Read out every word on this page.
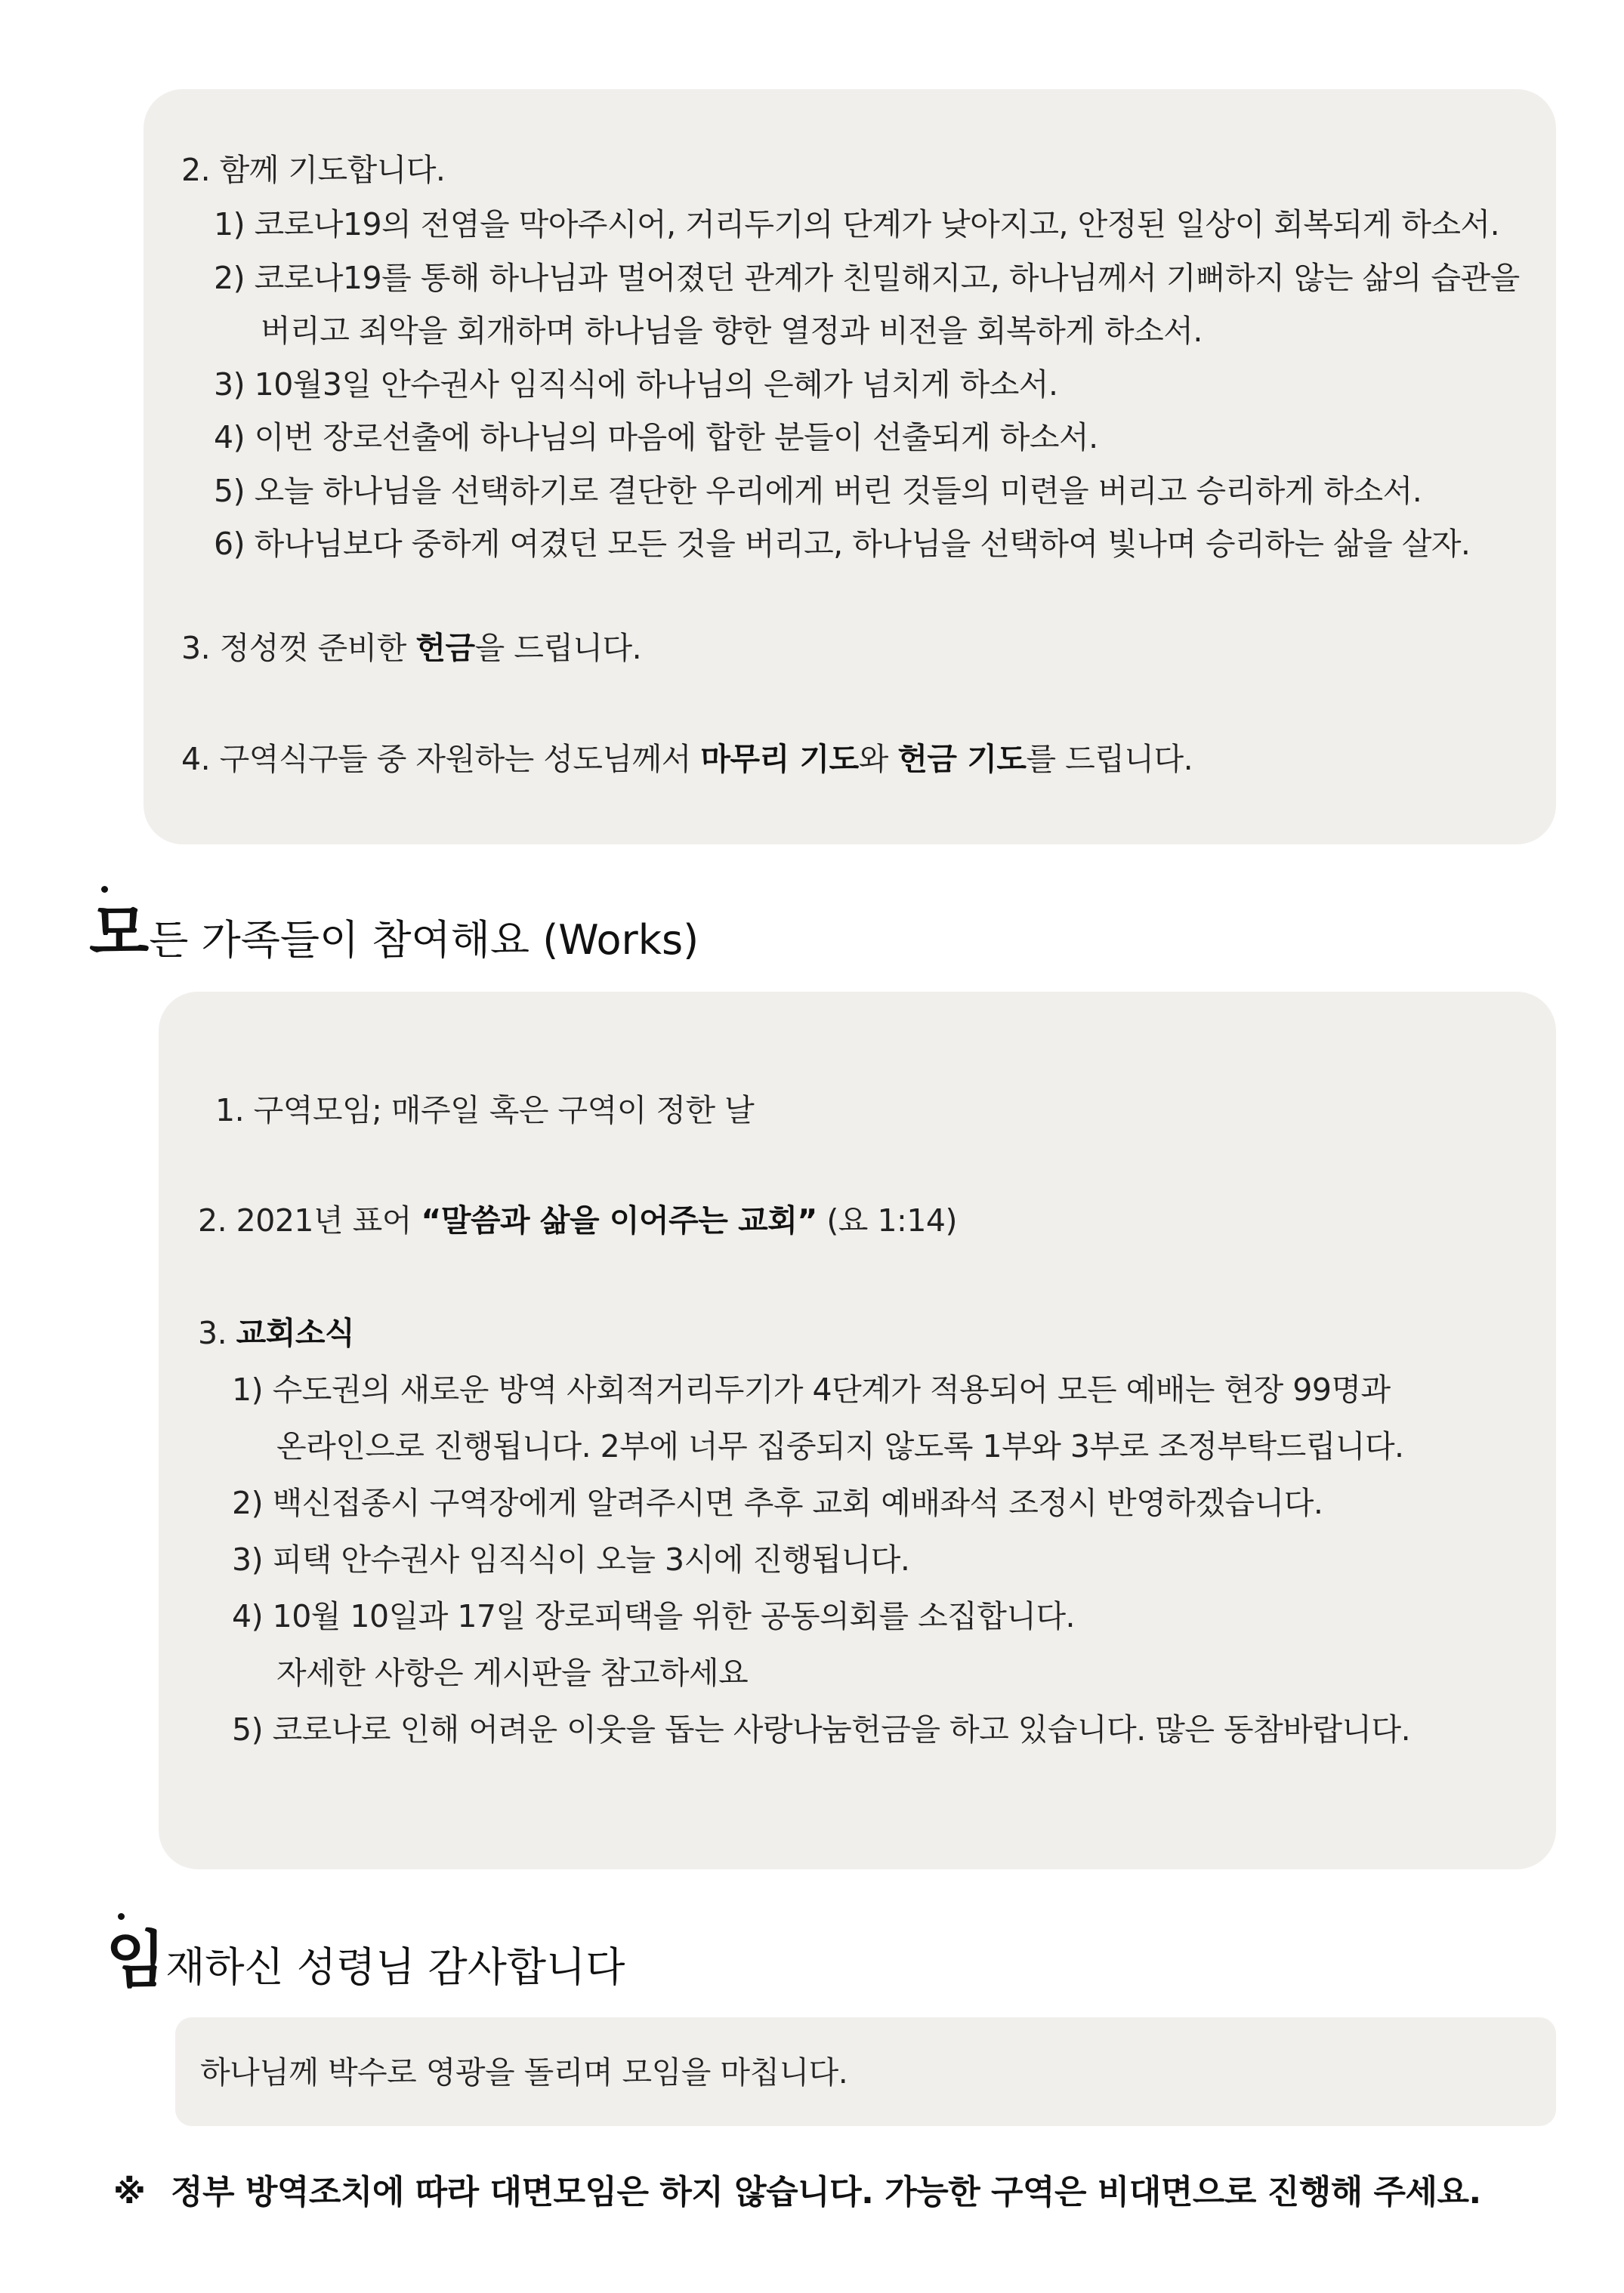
2. 함께 기도합니다.
1) 코로나19의 전염을 막아주시어, 거리두기의 단계가 낮아지고, 안정된 일상이 회복되게 하소서.
2) 코로나19를 통해 하나님과 멀어졌던 관계가 친밀해지고, 하나님께서 기뻐하지 않는 삶의 습관을
버리고 죄악을 회개하며 하나님을 향한 열정과 비전을 회복하게 하소서.
3) 10월3일 안수권사 임직식에 하나님의 은혜가 넘치게 하소서.
4) 이번 장로선출에 하나님의 마음에 합한 분들이 선출되게 하소서.
5) 오늘 하나님을 선택하기로 결단한 우리에게 버린 것들의 미련을 버리고 승리하게 하소서.
6) 하나님보다 중하게 여겼던 모든 것을 버리고, 하나님을 선택하여 빛나며 승리하는 삶을 살자.
3. 정성껏 준비한 헌금을 드립니다.
4. 구역식구들 중 자원하는 성도님께서 마무리 기도와 헌금 기도를 드립니다.
모든 가족들이 참여해요 (Works)
1. 구역모임; 매주일 혹은 구역이 정한 날
2. 2021년 표어 “말씀과 삶을 이어주는 교회” (요 1:14)
3. 교회소식
1) 수도권의 새로운 방역 사회적거리두기가 4단계가 적용되어 모든 예배는 현장 99명과
온라인으로 진행됩니다. 2부에 너무 집중되지 않도록 1부와 3부로 조정부탁드립니다.
2) 백신접종시 구역장에게 알려주시면 추후 교회 예배좌석 조정시 반영하겠습니다.
3) 피택 안수권사 임직식이 오늘 3시에 진행됩니다.
4) 10월 10일과 17일 장로피택을 위한 공동의회를 소집합니다.
자세한 사항은 게시판을 참고하세요
5) 코로나로 인해 어려운 이웃을 돕는 사랑나눔헌금을 하고 있습니다. 많은 동참바랍니다.
임재하신 성령님 감사합니다
하나님께 박수로 영광을 돌리며 모임을 마칩니다.
※ 정부 방역조치에 따라 대면모임은 하지 않습니다. 가능한 구역은 비대면으로 진행해 주세요.
